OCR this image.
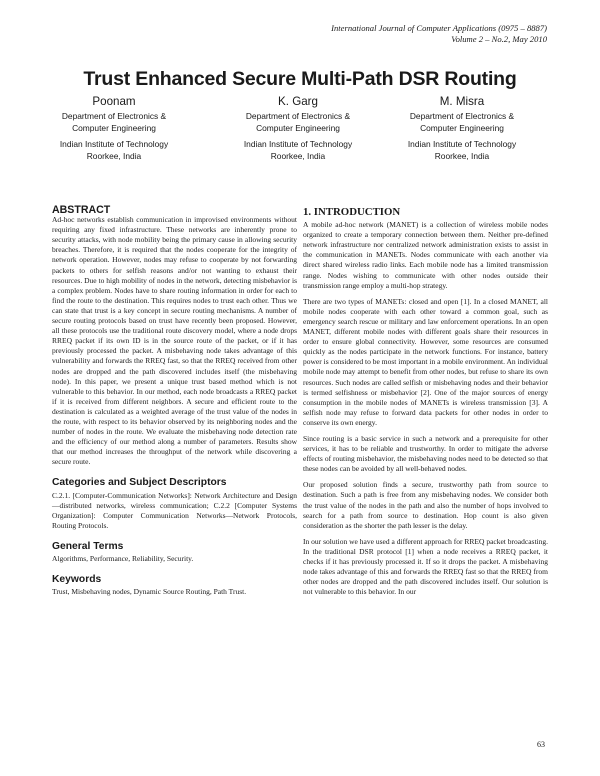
International Journal of Computer Applications (0975 – 8887)
Volume 2 – No.2, May 2010
Trust Enhanced Secure Multi-Path DSR Routing
Poonam
Department of Electronics &
Computer Engineering
Indian Institute of Technology
Roorkee, India
K. Garg
Department of Electronics &
Computer Engineering
Indian Institute of Technology
Roorkee, India
M. Misra
Department of Electronics &
Computer Engineering
Indian Institute of Technology
Roorkee, India
ABSTRACT

Ad-hoc networks establish communication in improvised environments without requiring any fixed infrastructure. These networks are inherently prone to security attacks, with node mobility being the primary cause in allowing security breaches. Therefore, it is required that the nodes cooperate for the integrity of network operation. However, nodes may refuse to cooperate by not forwarding packets to others for selfish reasons and/or not wanting to exhaust their resources. Due to high mobility of nodes in the network, detecting misbehavior is a complex problem. Nodes have to share routing information in order for each to find the route to the destination. This requires nodes to trust each other. Thus we can state that trust is a key concept in secure routing mechanisms. A number of secure routing protocols based on trust have recently been proposed. However, all these protocols use the traditional route discovery model, where a node drops RREQ packet if its own ID is in the source route of the packet, or if it has previously processed the packet. A misbehaving node takes advantage of this vulnerability and forwards the RREQ fast, so that the RREQ received from other nodes are dropped and the path discovered includes itself (the misbehaving node). In this paper, we present a unique trust based method which is not vulnerable to this behavior. In our method, each node broadcasts a RREQ packet if it is received from different neighbors. A secure and efficient route to the destination is calculated as a weighted average of the trust value of the nodes in the route, with respect to its behavior observed by its neighboring nodes and the number of nodes in the route. We evaluate the misbehaving node detection rate and the efficiency of our method along a number of parameters. Results show that our method increases the throughput of the network while discovering a secure route.

Categories and Subject Descriptors

C.2.1. [Computer-Communication Networks]: Network Architecture and Design—distributed networks, wireless communication; C.2.2 [Computer Systems Organization]: Computer Communication Networks—Network Protocols, Routing Protocols.

General Terms

Algorithms, Performance, Reliability, Security.

Keywords

Trust, Misbehaving nodes, Dynamic Source Routing, Path Trust.

1. INTRODUCTION

A mobile ad-hoc network (MANET) is a collection of wireless mobile nodes organized to create a temporary connection between them. Neither pre-defined network infrastructure nor centralized network administration exists to assist in the communication in MANETs. Nodes communicate with each another via direct shared wireless radio links. Each mobile node has a limited transmission range. Nodes wishing to communicate with other nodes outside their transmission range employ a multi-hop strategy.

There are two types of MANETs: closed and open [1]. In a closed MANET, all mobile nodes cooperate with each other toward a common goal, such as emergency search rescue or military and law enforcement operations. In an open MANET, different mobile nodes with different goals share their resources in order to ensure global connectivity. However, some resources are consumed quickly as the nodes participate in the network functions. For instance, battery power is considered to be most important in a mobile environment. An individual mobile node may attempt to benefit from other nodes, but refuse to share its own resources. Such nodes are called selfish or misbehaving nodes and their behavior is termed selfishness or misbehavior [2]. One of the major sources of energy consumption in the mobile nodes of MANETs is wireless transmission [3]. A selfish node may refuse to forward data packets for other nodes in order to conserve its own energy.

Since routing is a basic service in such a network and a prerequisite for other services, it has to be reliable and trustworthy. In order to mitigate the adverse effects of routing misbehavior, the misbehaving nodes need to be detected so that these nodes can be avoided by all well-behaved nodes.

Our proposed solution finds a secure, trustworthy path from source to destination. Such a path is free from any misbehaving nodes. We consider both the trust value of the nodes in the path and also the number of hops involved to search for a path from source to destination. Hop count is also given consideration as the shorter the path lesser is the delay.

In our solution we have used a different approach for RREQ packet broadcasting. In the traditional DSR protocol [1] when a node receives a RREQ packet, it checks if it has previously processed it. If so it drops the packet. A misbehaving node takes advantage of this and forwards the RREQ fast so that the RREQ from other nodes are dropped and the path discovered includes itself. Our solution is not vulnerable to this behavior. In our

63
